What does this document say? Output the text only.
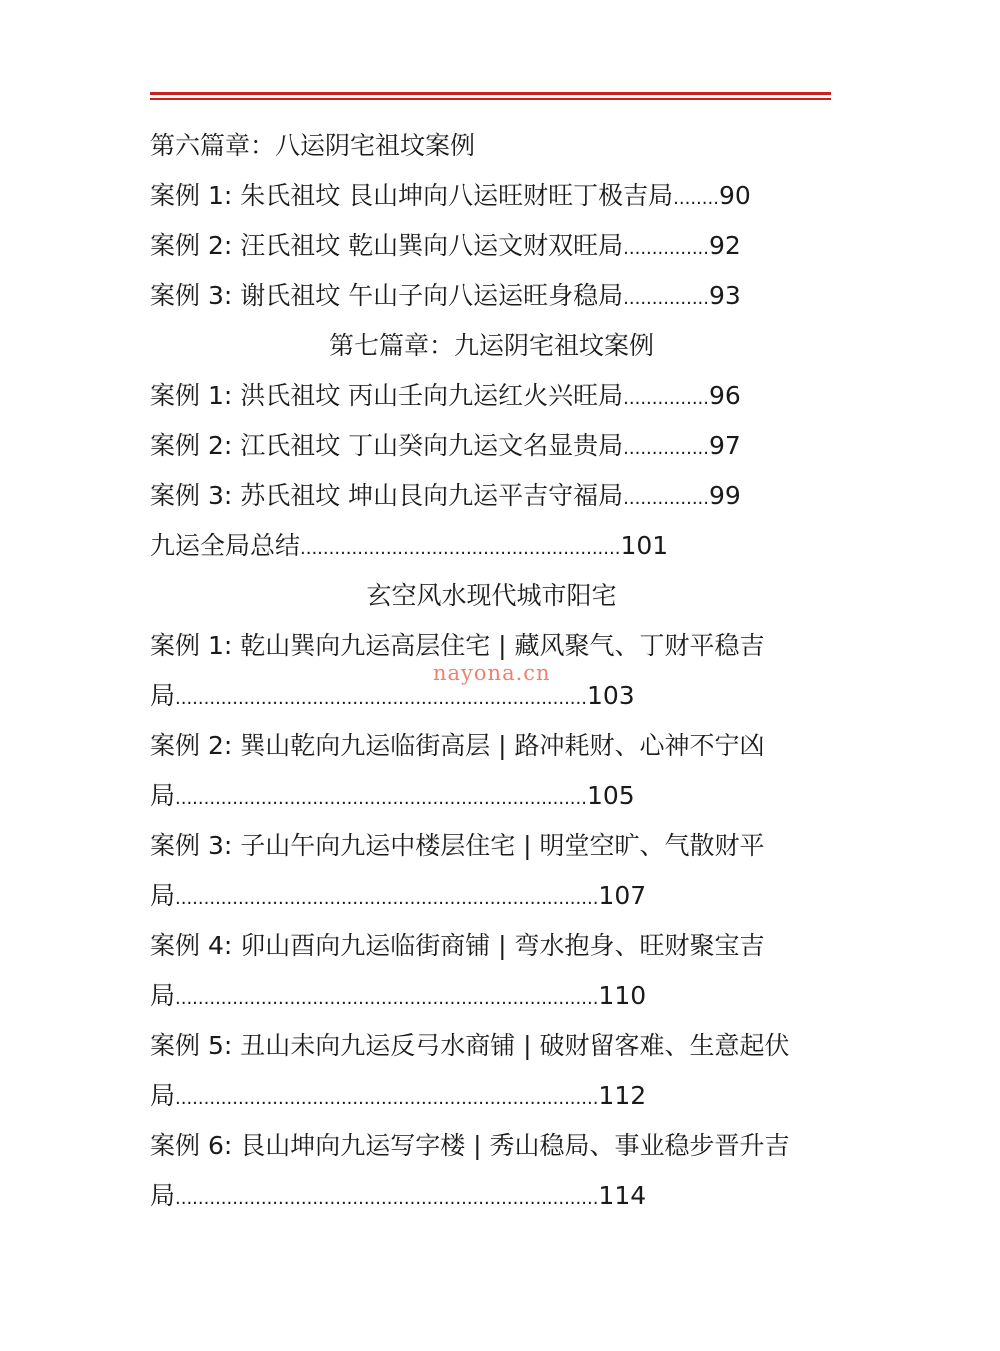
第六篇章：八运阴宅祖坟案例
案例 1: 朱氏祖坟 艮山坤向八运旺财旺丁极吉局........90
案例 2: 汪氏祖坟 乾山巽向八运文财双旺局...............92
案例 3: 谢氏祖坟 午山子向八运运旺身稳局...............93
第七篇章：九运阴宅祖坟案例
案例 1: 洪氏祖坟 丙山壬向九运红火兴旺局...............96
案例 2: 江氏祖坟 丁山癸向九运文名显贵局...............97
案例 3: 苏氏祖坟 坤山艮向九运平吉守福局...............99
九运全局总结........................................................101
玄空风水现代城市阳宅
案例 1: 乾山巽向九运高层住宅 | 藏风聚气、丁财平稳吉
局........................................................................103
案例 2: 巽山乾向九运临街高层 | 路冲耗财、心神不宁凶
局........................................................................105
案例 3: 子山午向九运中楼层住宅 | 明堂空旷、气散财平
局..........................................................................107
案例 4: 卯山酉向九运临街商铺 | 弯水抱身、旺财聚宝吉
局..........................................................................110
案例 5: 丑山未向九运反弓水商铺 | 破财留客难、生意起伏
局..........................................................................112
案例 6: 艮山坤向九运写字楼 | 秀山稳局、事业稳步晋升吉
局..........................................................................114
nayona.cn
